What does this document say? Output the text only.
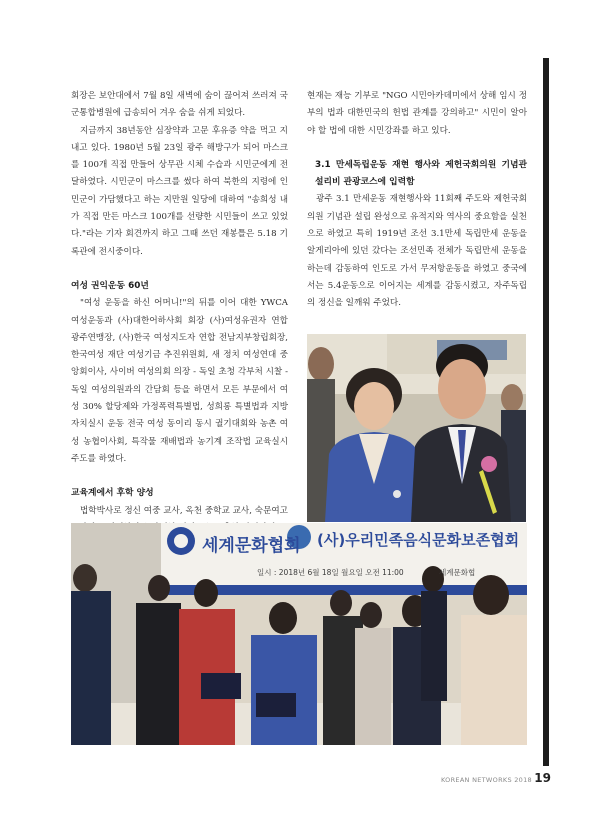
회장은 보안대에서 7월 8일 새벽에 숨이 끊어져 쓰러져 국군통합병원에 급송되어 겨우 숨을 쉬게 되었다.

지금까지 38년동안 심장약과 고문 후유증 약을 먹고 지내고 있다. 1980년 5월 23일 광주 해방구가 되어 마스크를 100개 직접 만들어 상무관 시체 수습과 시민군에게 전달하였다. 시민군이 마스크를 썼다 하여 북한의 지령에 인민군이 가담했다고 하는 지만원 일당에 대하여 "송희성 내가 직접 만든 마스크 100개를 선량한 시민들이 쓰고 있었다."라는 기자 회견까지 하고 그때 쓰던 재봉틀은 5.18 기록관에 전시중이다.

여성 권익운동 60년

"여성 운동을 하신 어머니!"의 뒤를 이어 대한 YWCA 여성운동과 (사)대한어하사회 회장 (사)여성유권자 연합 광주연맹장, (사)한국 여성지도자 연합 전남지부창립회장, 한국여성 재단 여성기금 추진위원회, 새 정치 여성연대 중앙회이사, 사이버 여성의회 의장 - 독일 초청 각부처 시찰 - 독일 여성의원과의 간담회 등을 하면서 모든 부문에서 여성 30% 할당제와 가정폭력특별법, 성희롱 특별법과 지방자치실시 운동 전국 여성 동이리 동시 궐기대회와 농촌 여성 농협이사회, 특작물 재배법과 농기계 조작법 교육실시 주도를 하였다.

교육계에서 후학 양성

법학박사로 정신 여중 교사, 옥천 중학교 교사, 숙문여고

현재는 재능 기부로 "NGO 시민아카데미에서 상해 임시 정부의 법과 대한민국의 헌법 관계를 강의하고" 시민이 알아야 할 법에 대한 시민강좌를 하고 있다.

3.1 만세독립운동 재현 행사와 제헌국회의원 기념관 설리비 관광코스에 입력함

광주 3.1 만세운동 재현행사와 11회째 주도와 제헌국회의원 기념관 설립 완성으로 유적지와 역사의 중요함을 실천으로 하였고 특히 1919년 조선 3.1만세 독립만세 운동을 알게리아에 있던 갔다는 조선민족 전체가 독립만세 운동을 하는데 감동하여 인도로 가서 무저항운동을 하였고 중국에서는 5.4운동으로 이어지는 세계를 감동시켰고, 자주독립의 정신을 일깨워 주었다.

세계문화협회 (사)우리민족음식문화보존협회
일시 : 2018년 6월 18일 월요일 오전 11:00	세계문화협
KOREAN NETWORKS 2018 19
